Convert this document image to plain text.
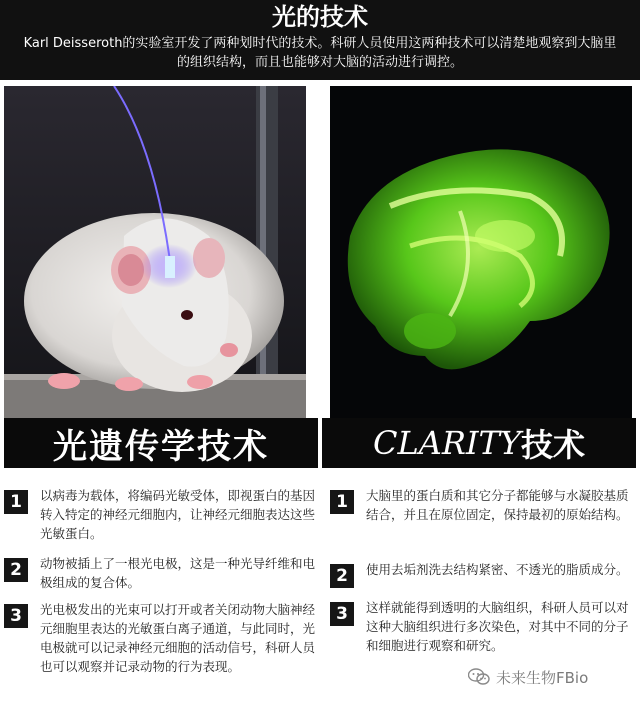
光的技术
Karl Deisseroth的实验室开发了两种划时代的技术。科研人员使用这两种技术可以清楚地观察到大脑里的组织结构，而且也能够对大脑的活动进行调控。
光遗传学技术	CLARITY 技术
1	以病毒为载体，将编码光敏受体，即视蛋白的基因转入特定的神经元细胞内，让神经元细胞表达这些光敏蛋白。
2	动物被插上了一根光电极，这是一种光导纤维和电极组成的复合体。
3	光电极发出的光束可以打开或者关闭动物大脑神经元细胞里表达的光敏蛋白离子通道，与此同时，光电极就可以记录神经元细胞的活动信号，科研人员也可以观察并记录动物的行为表现。
1	大脑里的蛋白质和其它分子都能够与水凝胶基质结合，并且在原位固定，保持最初的原始结构。
2	使用去垢剂洗去结构紧密、不透光的脂质成分。
3	这样就能得到透明的大脑组织，科研人员可以对这种大脑组织进行多次染色，对其中不同的分子和细胞进行观察和研究。
未来生物FBio
